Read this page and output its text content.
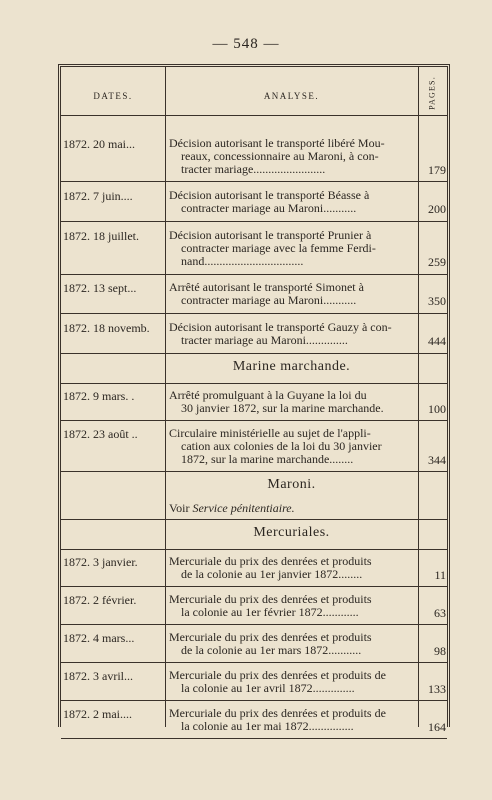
— 548 —
DATES.	ANALYSE.	PAGES.
1872. 20 mai...	Décision autorisant le transporté libéré Mou-
reaux, concessionnaire au Maroni, à con-
tracter mariage........................	179
1872. 7 juin....	Décision autorisant le transporté Béasse à
contracter mariage au Maroni...........	200
1872. 18 juillet.	Décision autorisant le transporté Prunier à
contracter mariage avec la femme Ferdi-
nand.................................	259
1872. 13 sept...	Arrêté autorisant le transporté Simonet à
contracter mariage au Maroni...........	350
1872. 18 novemb.	Décision autorisant le transporté Gauzy à con-
tracter mariage au Maroni..............	444
Marine marchande.
1872. 9 mars. .	Arrêté promulguant à la Guyane la loi du
30 janvier 1872, sur la marine marchande.	100
1872. 23 août ..	Circulaire ministérielle au sujet de l'appli-
cation aux colonies de la loi du 30 janvier
1872, sur la marine marchande........	344
Maroni.
Voir Service pénitentiaire.
Mercuriales.
1872. 3 janvier.	Mercuriale du prix des denrées et produits
de la colonie au 1er janvier 1872........	11
1872. 2 février.	Mercuriale du prix des denrées et produits
la colonie au 1er février 1872............	63
1872. 4 mars...	Mercuriale du prix des denrées et produits
de la colonie au 1er mars 1872...........	98
1872. 3 avril...	Mercuriale du prix des denrées et produits de
la colonie au 1er avril 1872..............	133
1872. 2 mai....	Mercuriale du prix des denrées et produits de
la colonie au 1er mai 1872...............	164
